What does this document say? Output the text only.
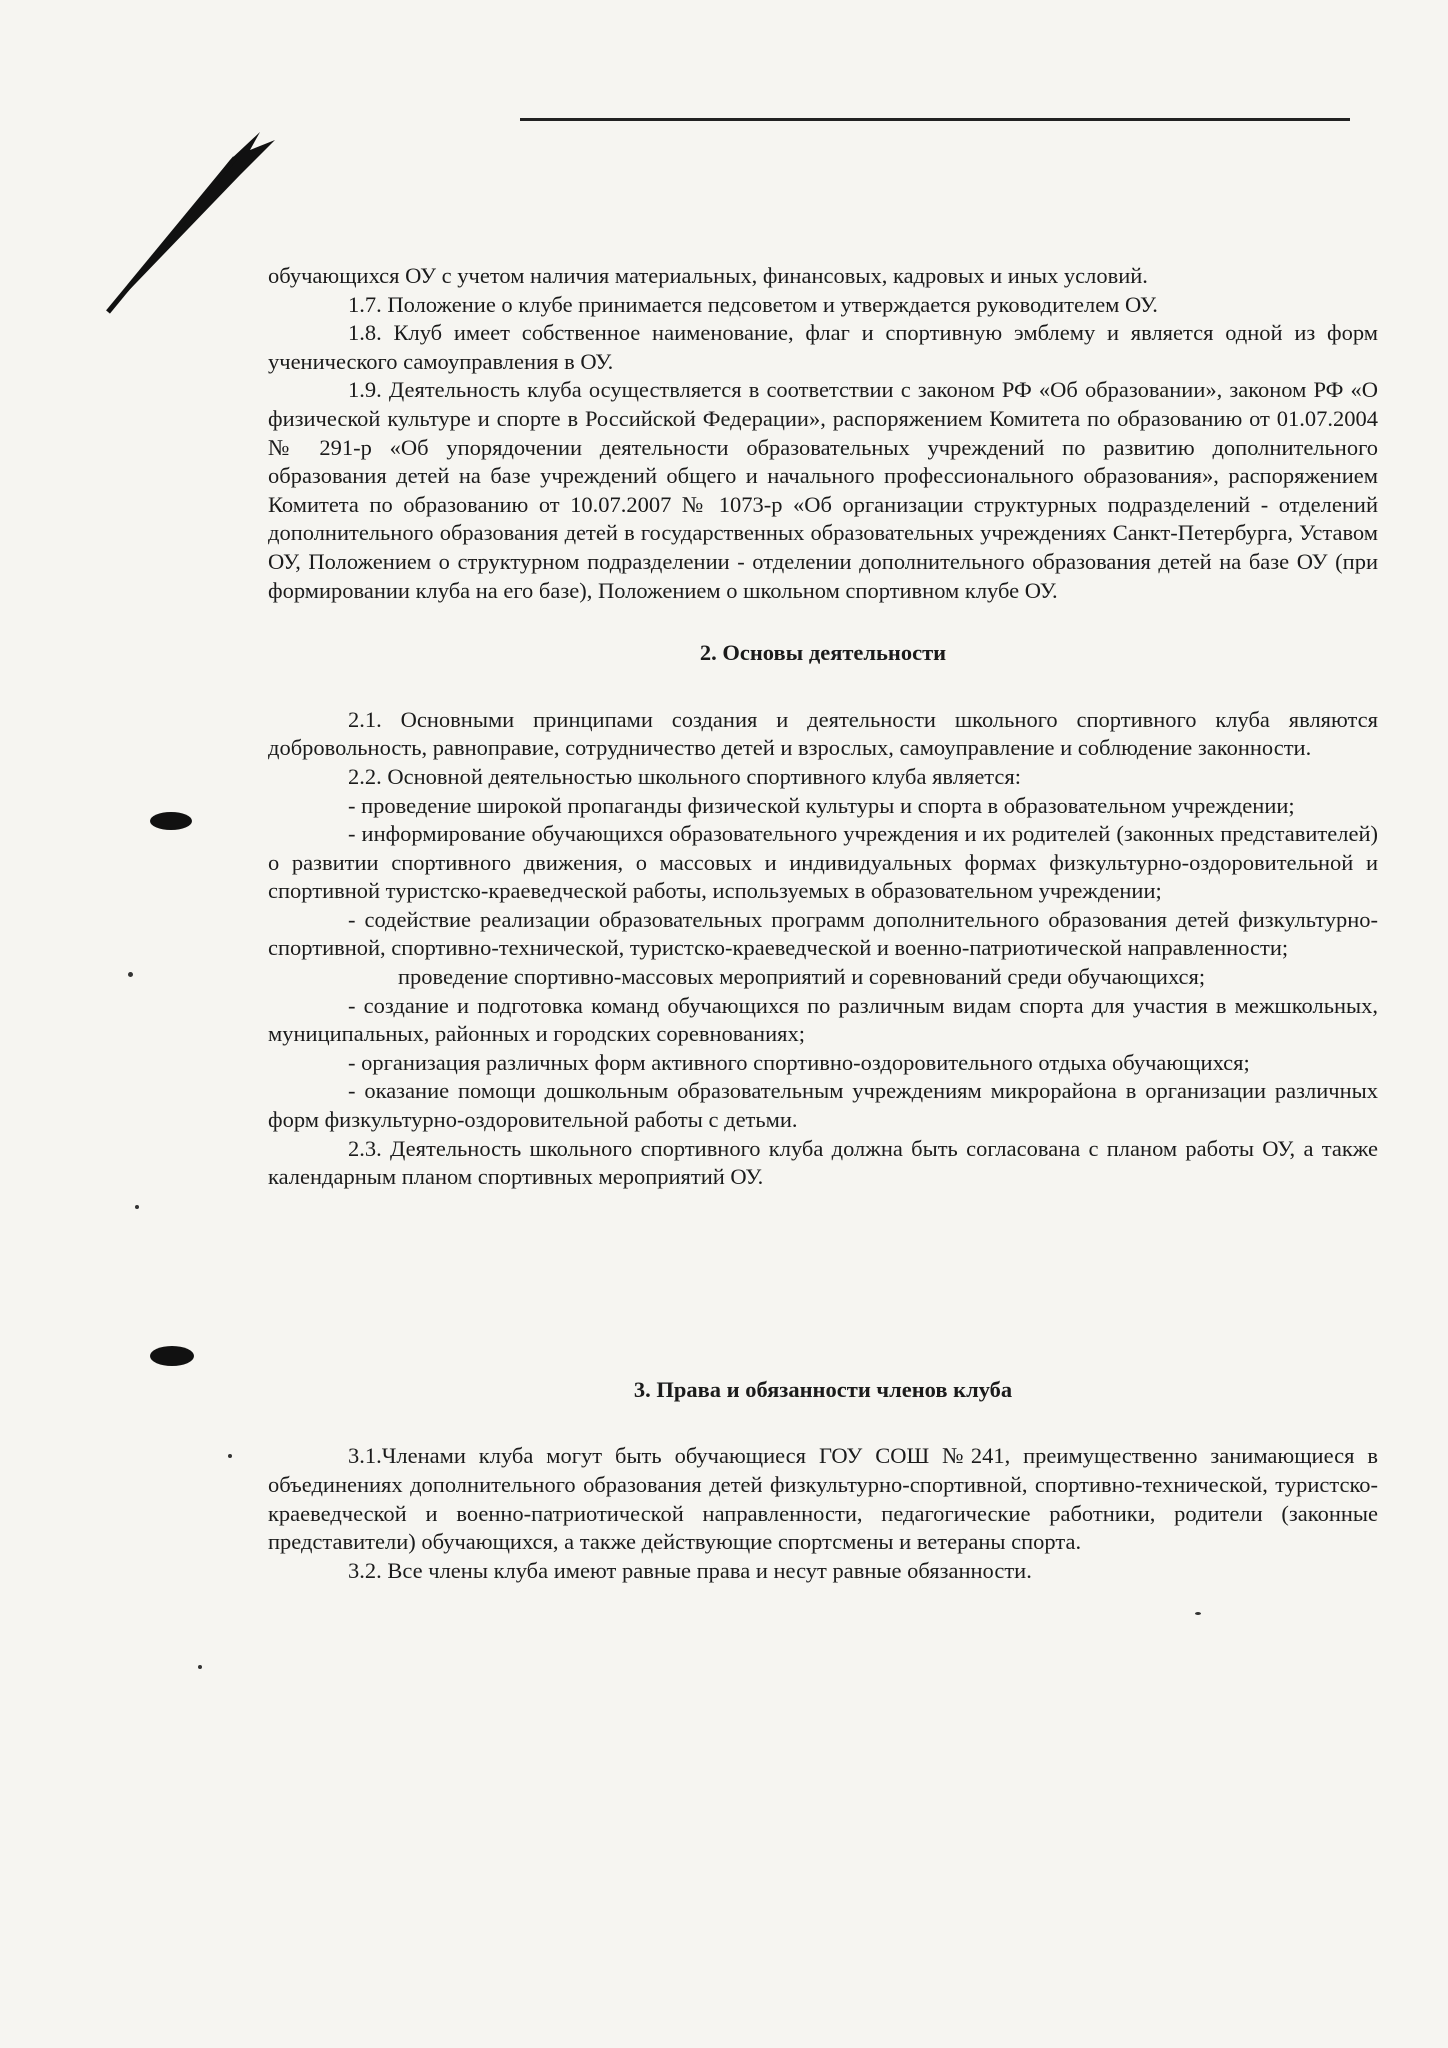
обучающихся ОУ с учетом наличия материальных, финансовых, кадровых и иных условий.

1.7. Положение о клубе принимается педсоветом и утверждается руководителем ОУ.

1.8. Клуб имеет собственное наименование, флаг и спортивную эмблему и является одной из форм ученического самоуправления в ОУ.

1.9. Деятельность клуба осуществляется в соответствии с законом РФ «Об образовании», законом РФ «О физической культуре и спорте в Российской Федерации», распоряжением Комитета по образованию от 01.07.2004 № 291-р «Об упорядочении деятельности образовательных учреждений по развитию дополнительного образования детей на базе учреждений общего и начального профессионального образования», распоряжением Комитета по образованию от 10.07.2007 № 1073-р «Об организации структурных подразделений - отделений дополнительного образования детей в государственных образовательных учреждениях Санкт-Петербурга, Уставом ОУ, Положением о структурном подразделении - отделении дополнительного образования детей на базе ОУ (при формировании клуба на его базе), Положением о школьном спортивном клубе ОУ.

2. Основы деятельности

2.1. Основными принципами создания и деятельности школьного спортивного клуба являются добровольность, равноправие, сотрудничество детей и взрослых, самоуправление и соблюдение законности.

2.2. Основной деятельностью школьного спортивного клуба является:

- проведение широкой пропаганды физической культуры и спорта в образовательном учреждении;

- информирование обучающихся образовательного учреждения и их родителей (законных представителей) о развитии спортивного движения, о массовых и индивидуальных формах физкультурно-оздоровительной и спортивной туристско-краеведческой работы, используемых в образовательном учреждении;

- содействие реализации образовательных программ дополнительного образования детей физкультурно-спортивной, спортивно-технической, туристско-краеведческой и военно-патриотической направленности;

проведение спортивно-массовых мероприятий и соревнований среди обучающихся;

- создание и подготовка команд обучающихся по различным видам спорта для участия в межшкольных, муниципальных, районных и городских соревнованиях;

- организация различных форм активного спортивно-оздоровительного отдыха обучающихся;

- оказание помощи дошкольным образовательным учреждениям микрорайона в организации различных форм физкультурно-оздоровительной работы с детьми.

2.3. Деятельность школьного спортивного клуба должна быть согласована с планом работы ОУ, а также календарным планом спортивных мероприятий ОУ.

3. Права и обязанности членов клуба

3.1.Членами клуба могут быть обучающиеся ГОУ СОШ №241, преимущественно занимающиеся в объединениях дополнительного образования детей физкультурно-спортивной, спортивно-технической, туристско-краеведческой и военно-патриотической направленности, педагогические работники, родители (законные представители) обучающихся, а также действующие спортсмены и ветераны спорта.

3.2. Все члены клуба имеют равные права и несут равные обязанности.
